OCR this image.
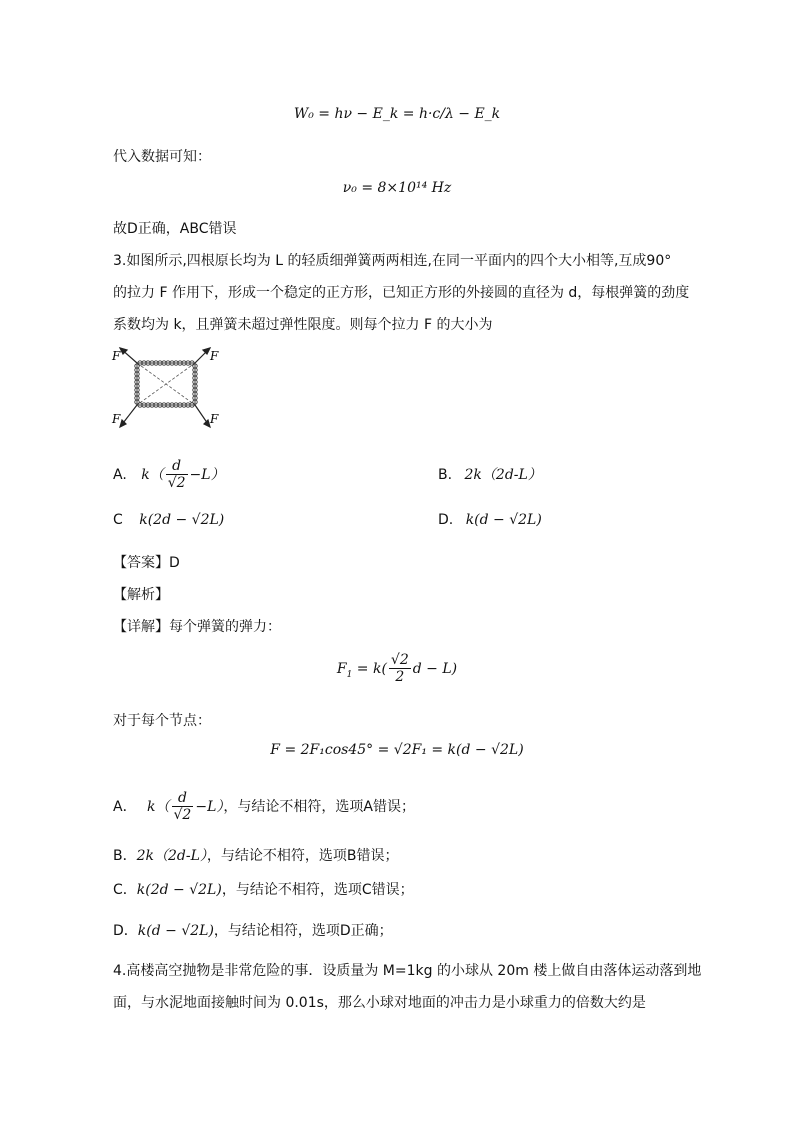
W₀ = hν − E_k = h·c/λ − E_k
代入数据可知：
ν₀ = 8×10¹⁴ Hz
故D正确，ABC错误
3.如图所示,四根原长均为 L 的轻质细弹簧两两相连,在同一平面内的四个大小相等,互成90°
的拉力 F 作用下，形成一个稳定的正方形，已知正方形的外接圆的直径为 d，每根弹簧的劲度
系数均为 k，且弹簧未超过弹性限度。则每个拉力 F 的大小为
F	F
F	F
A. $k( \frac{d}{√2} -L)$	B. 2k（2d-L）
C k(2d − √2L)	D. k(d − √2L)
【答案】D
【解析】
【详解】每个弹簧的弹力：
$F_1 = k( \frac{√2}{2}$ d − L)
对于每个节点：
F = 2F₁cos45° = √2F₁ = k(d − √2L)
A． $k( \frac{d}{√2} -L)$，与结论不相符，选项A错误；
B．2k（2d-L），与结论不相符，选项B错误；
C．k(2d − √2L)，与结论不相符，选项C错误；
D．k(d − √2L)，与结论相符，选项D正确；
4.高楼高空抛物是非常危险的事．设质量为 M=1kg 的小球从 20m 楼上做自由落体运动落到地
面，与水泥地面接触时间为 0.01s，那么小球对地面的冲击力是小球重力的倍数大约是
